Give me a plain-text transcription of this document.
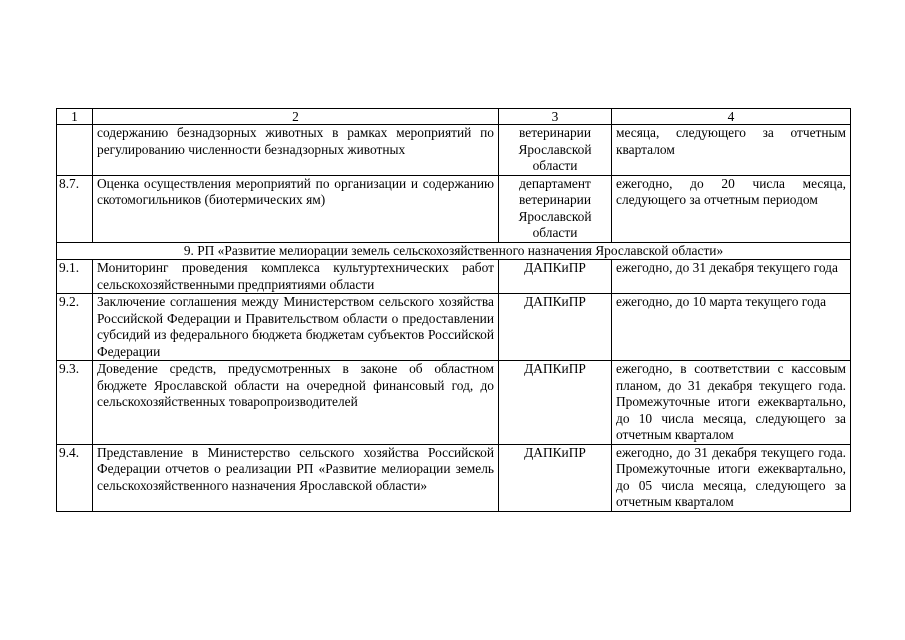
1	2	3	4
	содержанию безнадзорных животных в рамках мероприятий по регулированию численности безнадзорных животных	ветеринарии Ярославской области	месяца, следующего за отчетным кварталом
8.7.	Оценка осуществления мероприятий по организации и содержанию скотомогильников (биотермических ям)	департамент ветеринарии Ярославской области	ежегодно, до 20 числа месяца, следующего за отчетным периодом
9. РП «Развитие мелиорации земель сельскохозяйственного назначения Ярославской области»			
9.1.	Мониторинг проведения комплекса культуртехнических работ сельскохозяйственными предприятиями области	ДАПКиПР	ежегодно, до 31 декабря текущего года
9.2.	Заключение соглашения между Министерством сельского хозяйства Российской Федерации и Правительством области о предоставлении субсидий из федерального бюджета бюджетам субъектов Российской Федерации	ДАПКиПР	ежегодно, до 10 марта текущего года
9.3.	Доведение средств, предусмотренных в законе об областном бюджете Ярославской области на очередной финансовый год, до сельскохозяйственных товаропроизводителей	ДАПКиПР	ежегодно, в соответствии с кассовым планом, до 31 декабря текущего года. Промежуточные итоги ежеквартально, до 10 числа месяца, следующего за отчетным кварталом
9.4.	Представление в Министерство сельского хозяйства Российской Федерации отчетов о реализации РП «Развитие мелиорации земель сельскохозяйственного назначения Ярославской области»	ДАПКиПР	ежегодно, до 31 декабря текущего года. Промежуточные итоги ежеквартально, до 05 числа месяца, следующего за отчетным кварталом
